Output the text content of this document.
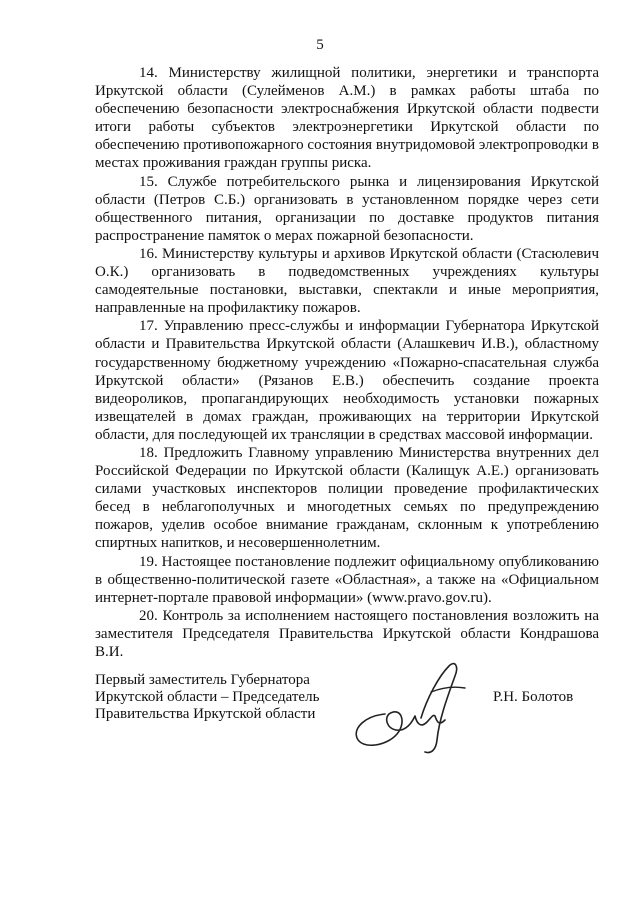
5

14. Министерству жилищной политики, энергетики и транспорта Иркутской области (Сулейменов А.М.) в рамках работы штаба по обеспечению безопасности электроснабжения Иркутской области подвести итоги работы субъектов электроэнергетики Иркутской области по обеспечению противопожарного состояния внутридомовой электропроводки в местах проживания граждан группы риска.

15. Службе потребительского рынка и лицензирования Иркутской области (Петров С.Б.) организовать в установленном порядке через сети общественного питания, организации по доставке продуктов питания распространение памяток о мерах пожарной безопасности.

16. Министерству культуры и архивов Иркутской области (Стасюлевич О.К.) организовать в подведомственных учреждениях культуры самодеятельные постановки, выставки, спектакли и иные мероприятия, направленные на профилактику пожаров.

17. Управлению пресс-службы и информации Губернатора Иркутской области и Правительства Иркутской области (Алашкевич И.В.), областному государственному бюджетному учреждению «Пожарно-спасательная служба Иркутской области» (Рязанов Е.В.) обеспечить создание проекта видеороликов, пропагандирующих необходимость установки пожарных извещателей в домах граждан, проживающих на территории Иркутской области, для последующей их трансляции в средствах массовой информации.

18. Предложить Главному управлению Министерства внутренних дел Российской Федерации по Иркутской области (Калищук А.Е.) организовать силами участковых инспекторов полиции проведение профилактических бесед в неблагополучных и многодетных семьях по предупреждению пожаров, уделив особое внимание гражданам, склонным к употреблению спиртных напитков, и несовершеннолетним.

19. Настоящее постановление подлежит официальному опубликованию в общественно-политической газете «Областная», а также на «Официальном интернет-портале правовой информации» (www.pravo.gov.ru).

20. Контроль за исполнением настоящего постановления возложить на заместителя Председателя Правительства Иркутской области Кондрашова В.И.

Первый заместитель Губернатора
Иркутской области – Председатель
Правительства Иркутской области

Р.Н. Болотов
